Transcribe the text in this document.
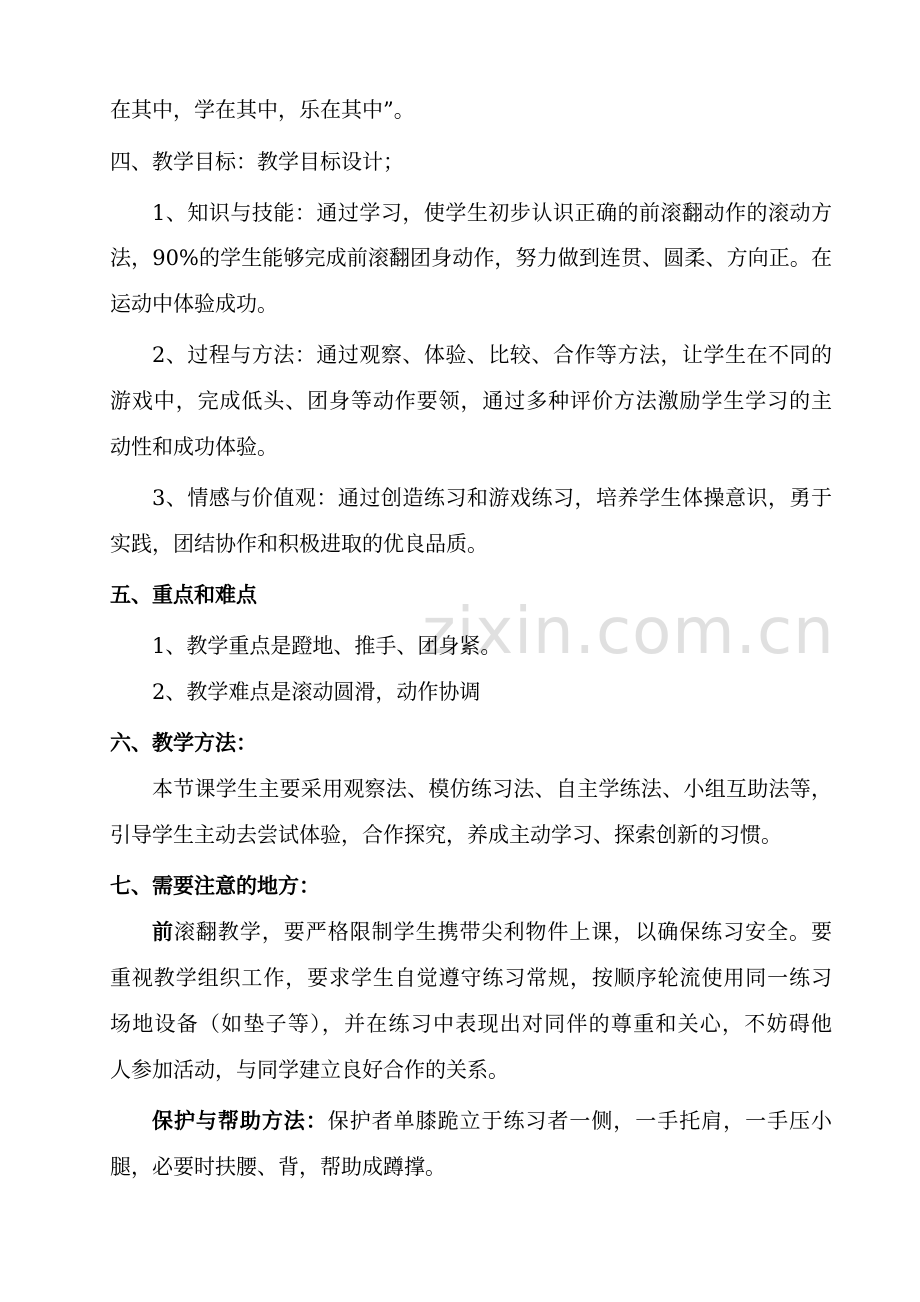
zixin.com.cn
在其中，学在其中，乐在其中”。
四、教学目标：教学目标设计；
1、知识与技能：通过学习，使学生初步认识正确的前滚翻动作的滚动方
法，90%的学生能够完成前滚翻团身动作，努力做到连贯、圆柔、方向正。在
运动中体验成功。
2、过程与方法：通过观察、体验、比较、合作等方法，让学生在不同的
游戏中，完成低头、团身等动作要领，通过多种评价方法激励学生学习的主
动性和成功体验。
3、情感与价值观：通过创造练习和游戏练习，培养学生体操意识，勇于
实践，团结协作和积极进取的优良品质。
五、重点和难点
1、教学重点是蹬地、推手、团身紧。
2、教学难点是滚动圆滑，动作协调
六、教学方法：
本节课学生主要采用观察法、模仿练习法、自主学练法、小组互助法等，
引导学生主动去尝试体验，合作探究，养成主动学习、探索创新的习惯。
七、需要注意的地方：
前滚翻教学，要严格限制学生携带尖利物件上课，以确保练习安全。要
重视教学组织工作，要求学生自觉遵守练习常规，按顺序轮流使用同一练习
场地设备（如垫子等），并在练习中表现出对同伴的尊重和关心，不妨碍他
人参加活动，与同学建立良好合作的关系。
保护与帮助方法：保护者单膝跪立于练习者一侧，一手托肩，一手压小
腿，必要时扶腰、背，帮助成蹲撑。
